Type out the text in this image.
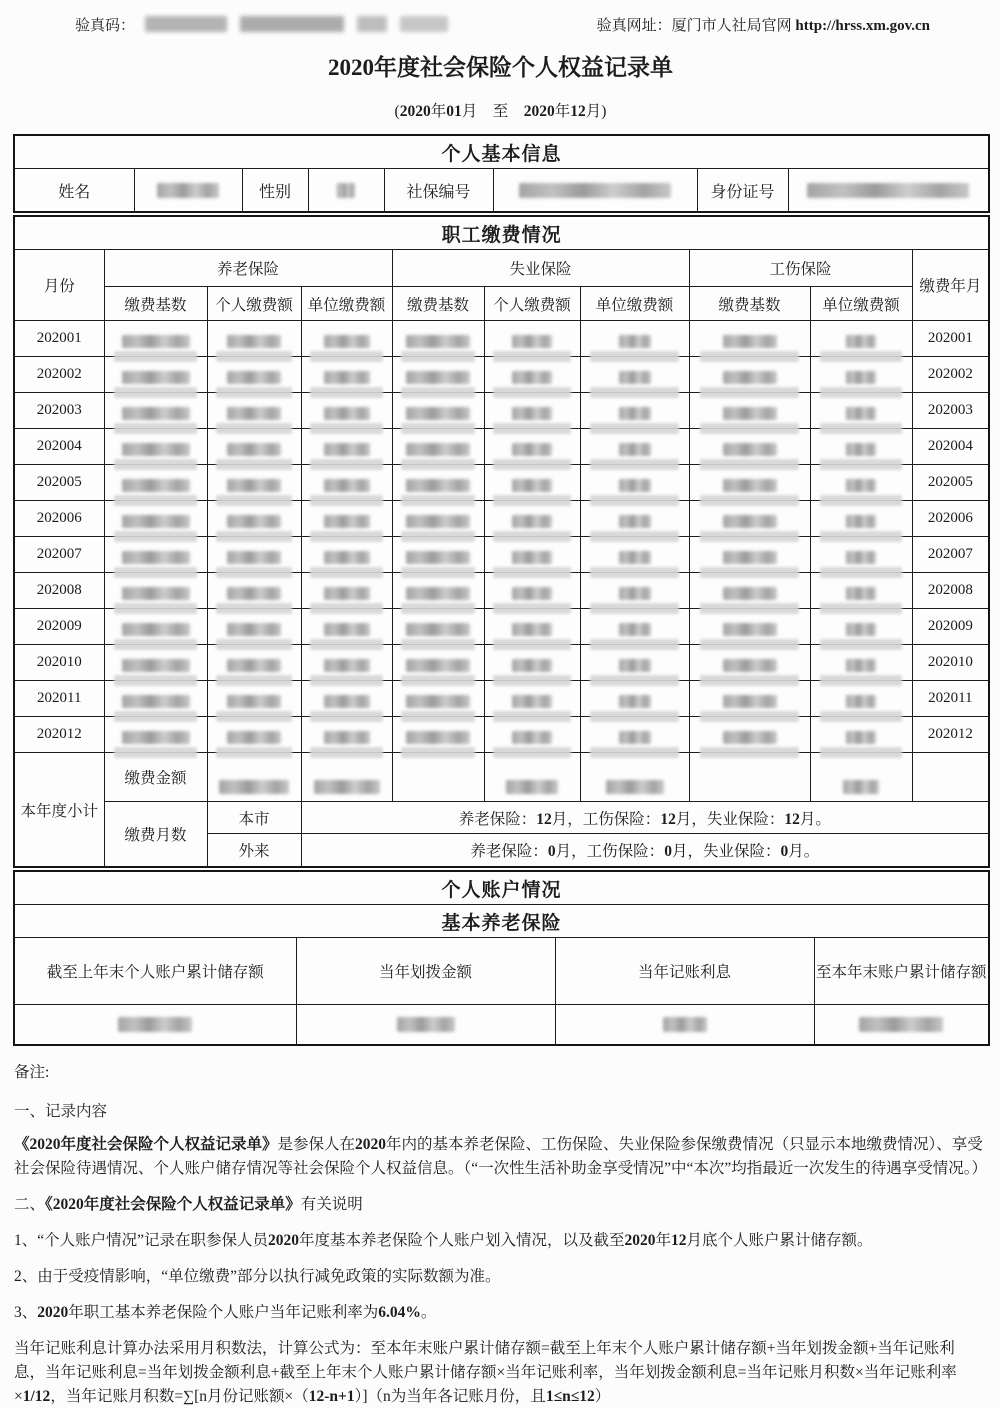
验真码：	验真网址：厦门市人社局官网 http://hrss.xm.gov.cn
2020年度社会保险个人权益记录单
(2020年01月　至　2020年12月)
个人基本信息
姓名		性别		社保编号		身份证号	
职工缴费情况									
月份	养老保险			失业保险			工伤保险		缴费年月
	缴费基数	个人缴费额	单位缴费额	缴费基数	个人缴费额	单位缴费额	缴费基数	单位缴费额	
202001									202001
202002									202002
202003									202003
202004									202004
202005									202005
202006									202006
202007									202007
202008									202008
202009									202009
202010									202010
202011									202011
202012									202012
本年度小计	缴费金额	

	缴费月数	本市	养老保险：12月，工伤保险：12月，失业保险：12月。						
		外来	养老保险：0月，工伤保险：0月，失业保险：0月。						
个人账户情况			
基本养老保险			
截至上年末个人账户累计储存额	当年划拨金额	当年记账利息	至本年末账户累计储存额

备注:

一、记录内容

《2020年度社会保险个人权益记录单》是参保人在2020年内的基本养老保险、工伤保险、失业保险参保缴费情况（只显示本地缴费情况）、享受社会保险待遇情况、个人账户储存情况等社会保险个人权益信息。（“一次性生活补助金享受情况”中“本次”均指最近一次发生的待遇享受情况。）

二、《2020年度社会保险个人权益记录单》有关说明

1、“个人账户情况”记录在职参保人员2020年度基本养老保险个人账户划入情况，以及截至2020年12月底个人账户累计储存额。

2、由于受疫情影响，“单位缴费”部分以执行减免政策的实际数额为准。

3、2020年职工基本养老保险个人账户当年记账利率为6.04%。

当年记账利息计算办法采用月积数法，计算公式为：至本年末账户累计储存额=截至上年末个人账户累计储存额+当年划拨金额+当年记账利息，当年记账利息=当年划拨金额利息+截至上年末个人账户累计储存额×当年记账利率，当年划拨金额利息=当年记账月积数×当年记账利率×1/12，当年记账月积数=∑[n月份记账额×（12-n+1）]（n为当年各记账月份，且1≤n≤12）
